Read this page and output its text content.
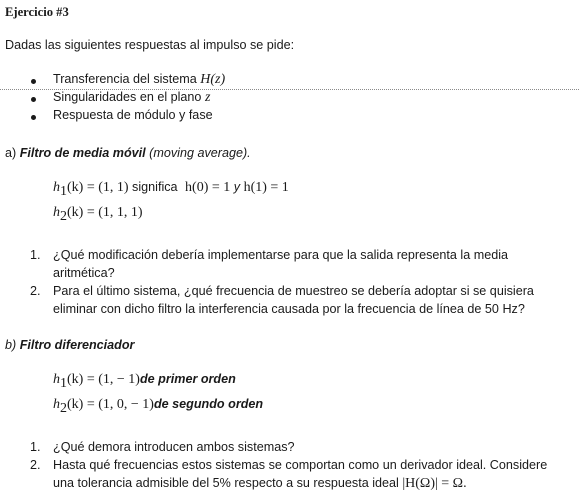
Ejercicio #3
Dadas las siguientes respuestas al impulso se pide:
Transferencia del sistema H(z)
Singularidades en el plano z
Respuesta de módulo y fase
a) Filtro de media móvil (moving average).
$h_1(k) = (1$, 1) significa h(0) = 1 y h(1) = 1
$h_2(k) = (1$, 1, 1)
1. ¿Qué modificación debería implementarse para que la salida representa la media
aritmética?
2. Para el último sistema, ¿qué frecuencia de muestreo se debería adoptar si se quisiera
eliminar con dicho filtro la interferencia causada por la frecuencia de línea de 50 Hz?
b) Filtro diferenciador
$h_1(k) = (1$, − 1)de primer orden
$h_2(k) = (1$, 0, − 1)de segundo orden
1. ¿Qué demora introducen ambos sistemas?
2. Hasta qué frecuencias estos sistemas se comportan como un derivador ideal. Considere
una tolerancia admisible del 5% respecto a su respuesta ideal |H(Ω)| = Ω.
